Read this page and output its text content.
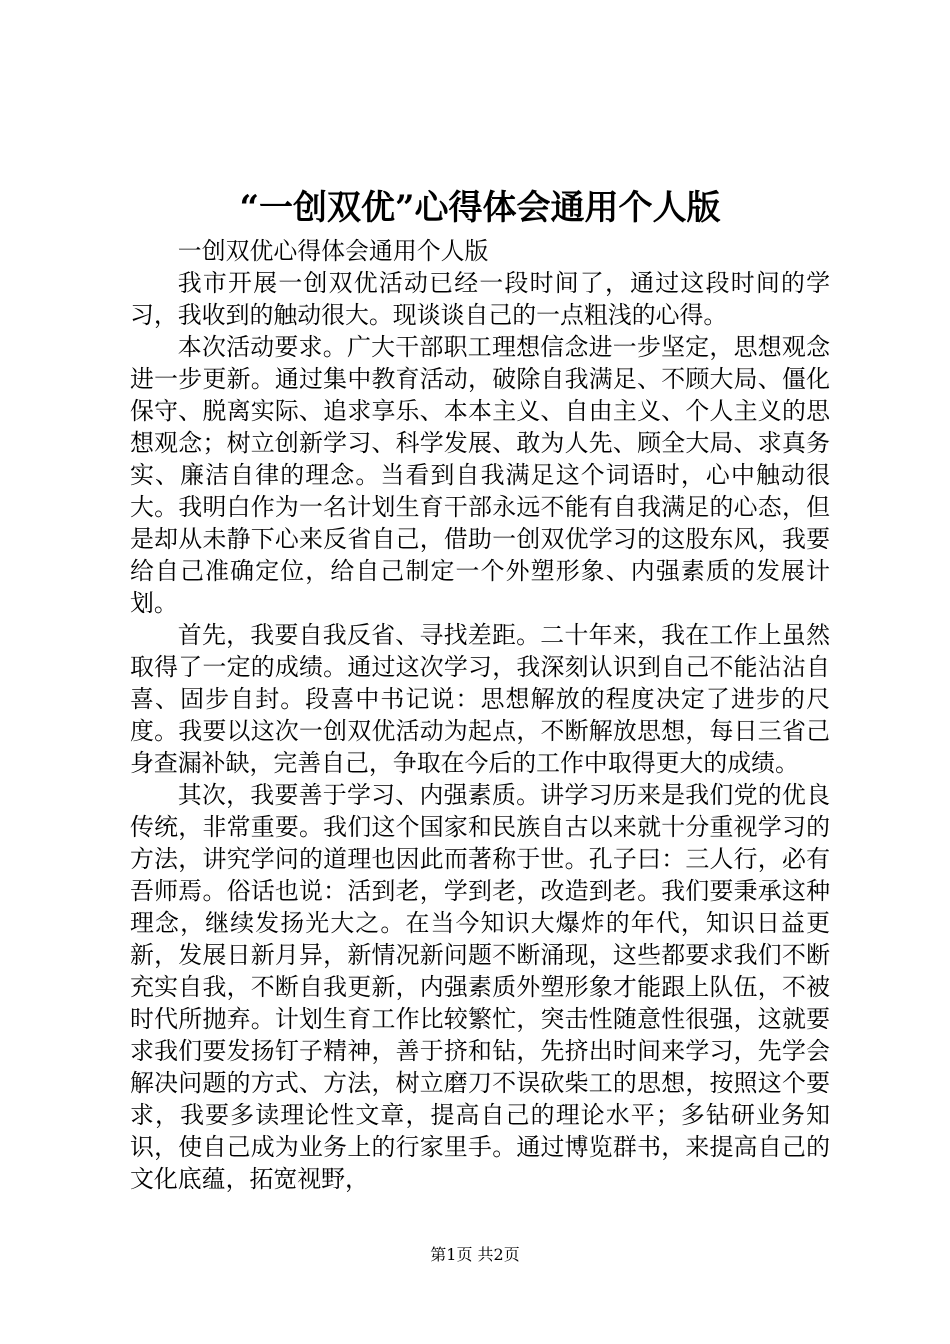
“一创双优”心得体会通用个人版

一创双优心得体会通用个人版

我市开展一创双优活动已经一段时间了，通过这段时间的学习，我收到的触动很大。现谈谈自己的一点粗浅的心得。

本次活动要求。广大干部职工理想信念进一步坚定，思想观念进一步更新。通过集中教育活动，破除自我满足、不顾大局、僵化保守、脱离实际、追求享乐、本本主义、自由主义、个人主义的思想观念；树立创新学习、科学发展、敢为人先、顾全大局、求真务实、廉洁自律的理念。当看到自我满足这个词语时，心中触动很大。我明白作为一名计划生育干部永远不能有自我满足的心态，但是却从未静下心来反省自己，借助一创双优学习的这股东风，我要给自己准确定位，给自己制定一个外塑形象、内强素质的发展计划。

首先，我要自我反省、寻找差距。二十年来，我在工作上虽然取得了一定的成绩。通过这次学习，我深刻认识到自己不能沾沾自喜、固步自封。段喜中书记说：思想解放的程度决定了进步的尺度。我要以这次一创双优活动为起点，不断解放思想，每日三省己身查漏补缺，完善自己，争取在今后的工作中取得更大的成绩。

其次，我要善于学习、内强素质。讲学习历来是我们党的优良传统，非常重要。我们这个国家和民族自古以来就十分重视学习的方法，讲究学问的道理也因此而著称于世。孔子曰：三人行，必有吾师焉。俗话也说：活到老，学到老，改造到老。我们要秉承这种理念，继续发扬光大之。在当今知识大爆炸的年代，知识日益更新，发展日新月异，新情况新问题不断涌现，这些都要求我们不断充实自我，不断自我更新，内强素质外塑形象才能跟上队伍，不被时代所抛弃。计划生育工作比较繁忙，突击性随意性很强，这就要求我们要发扬钉子精神，善于挤和钻，先挤出时间来学习，先学会解决问题的方式、方法，树立磨刀不误砍柴工的思想，按照这个要求，我要多读理论性文章，提高自己的理论水平；多钻研业务知识，使自己成为业务上的行家里手。通过博览群书，来提高自己的文化底蕴，拓宽视野，

第1页 共2页
